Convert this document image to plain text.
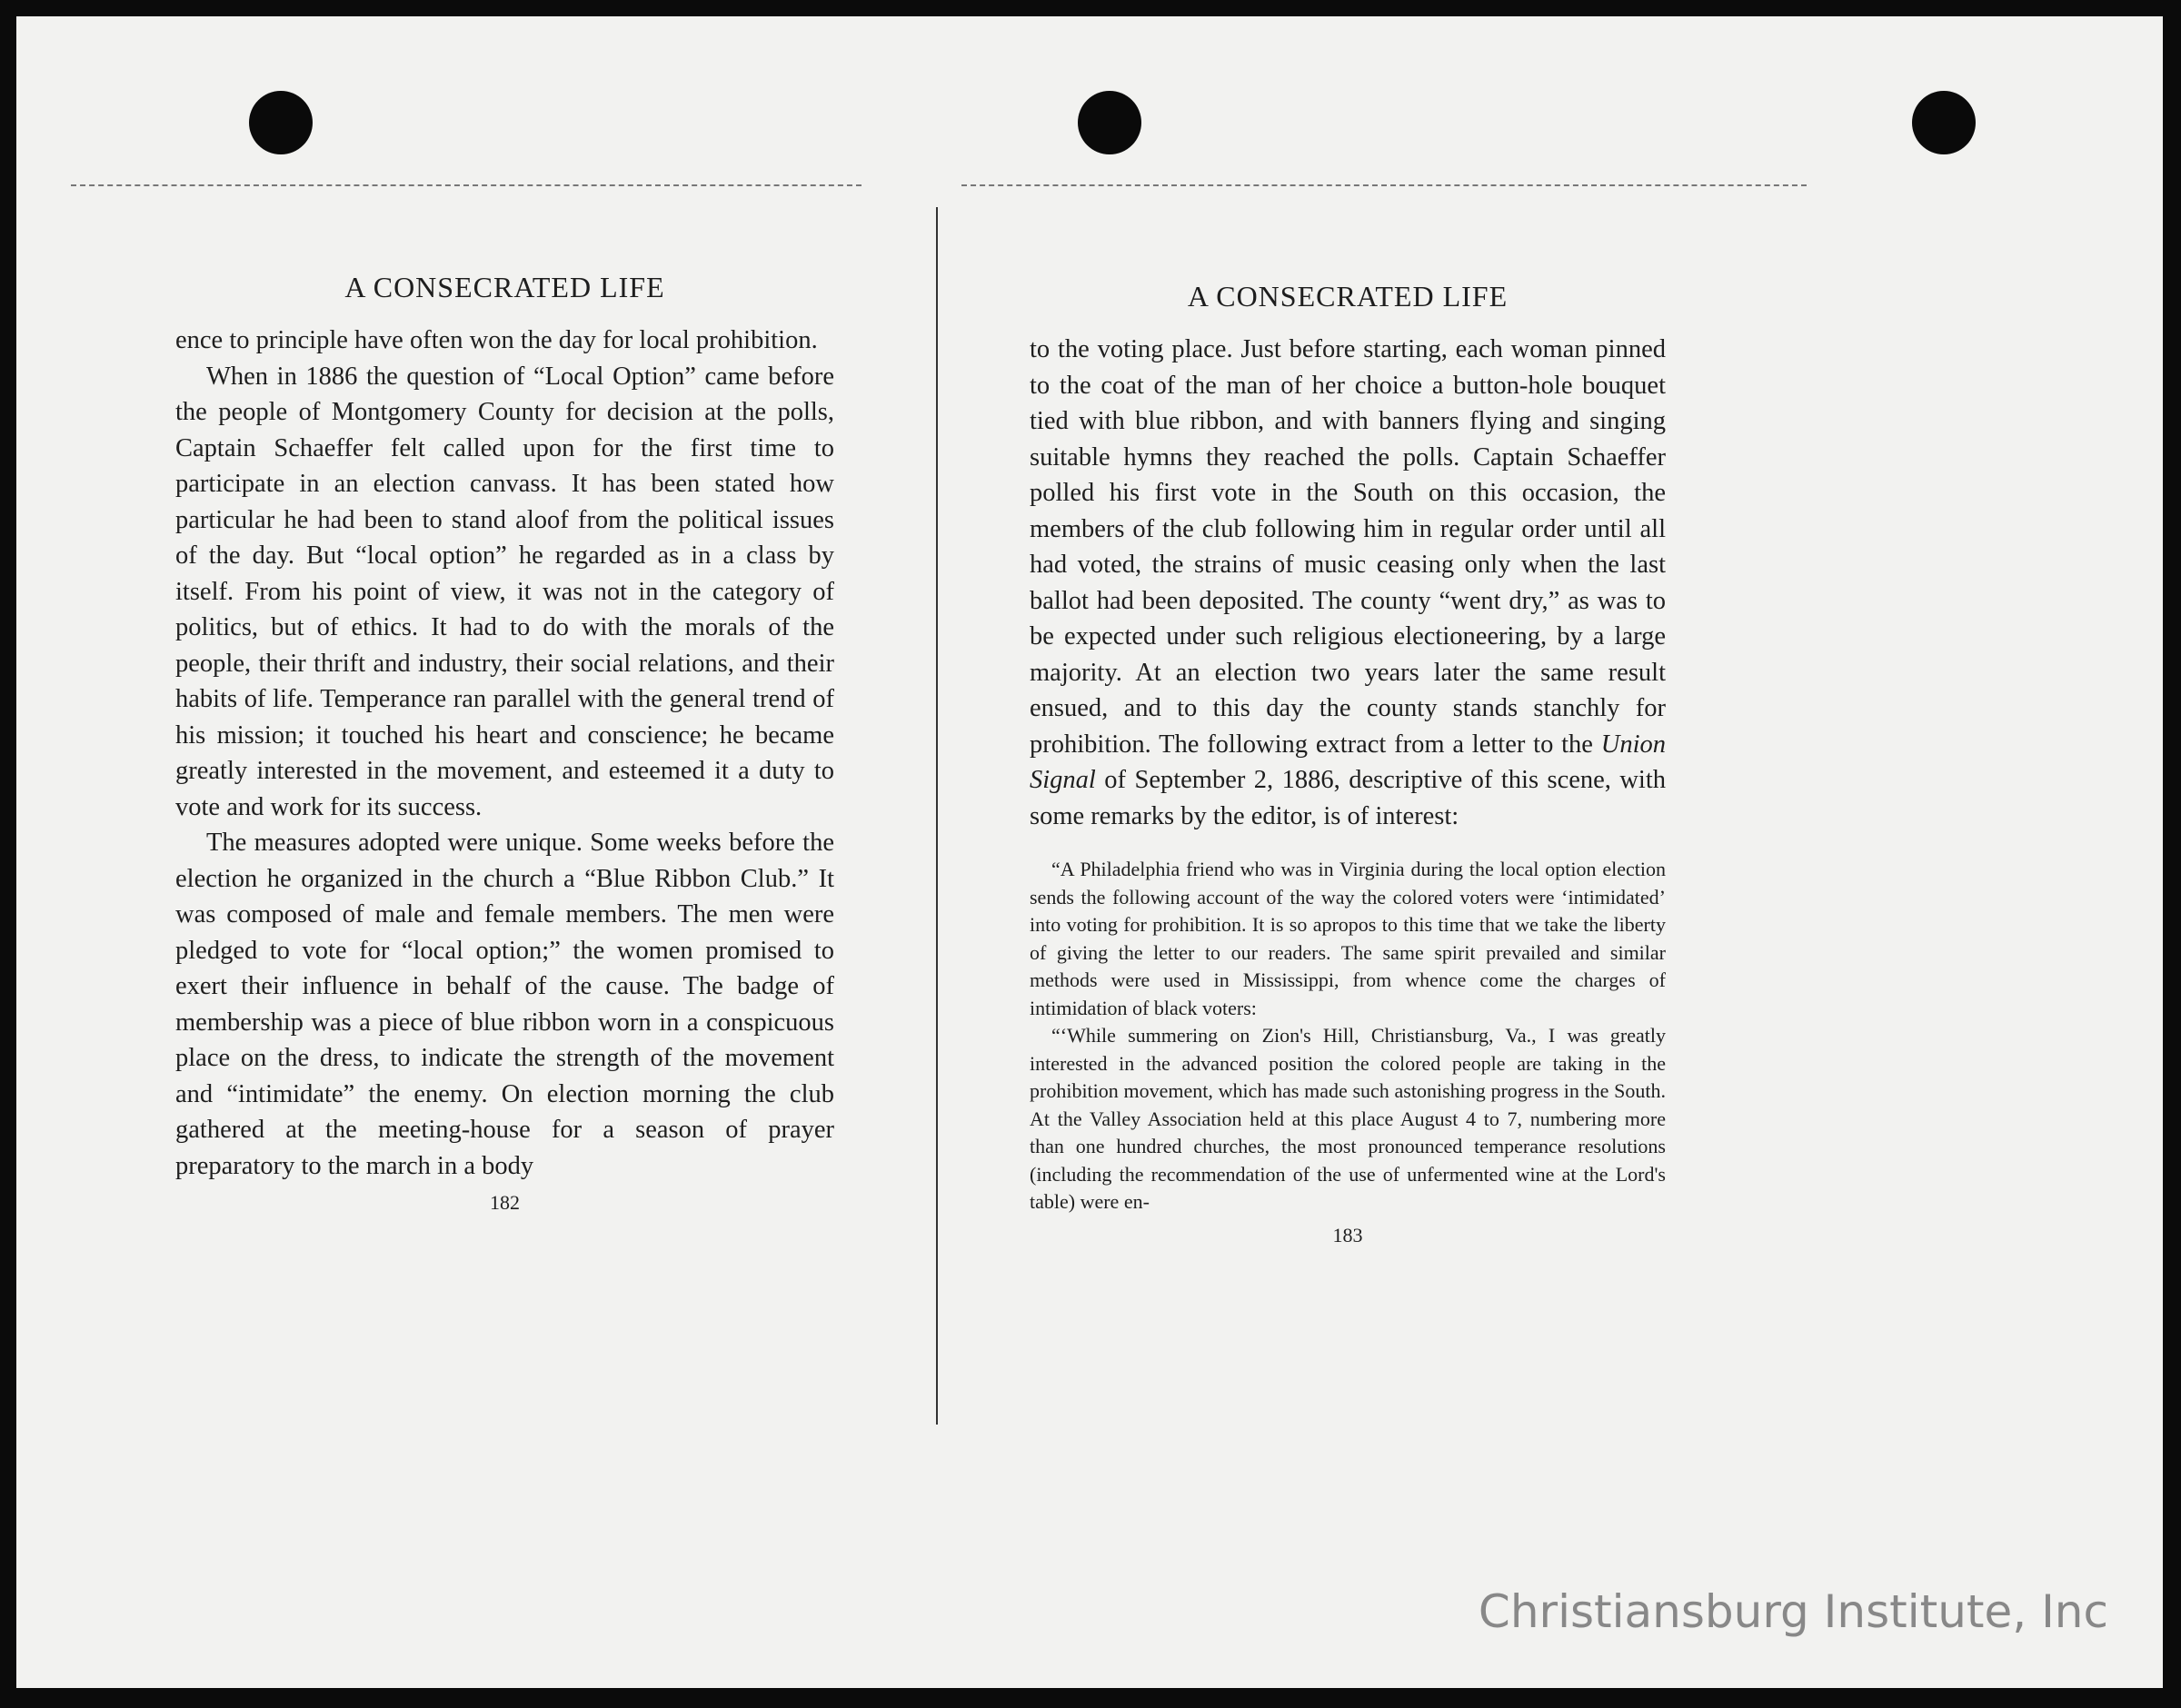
A CONSECRATED LIFE

ence to principle have often won the day for local prohibition.

When in 1886 the question of “Local Option” came before the people of Montgomery County for decision at the polls, Captain Schaeffer felt called upon for the first time to participate in an election canvass. It has been stated how particular he had been to stand aloof from the political issues of the day. But “local option” he regarded as in a class by itself. From his point of view, it was not in the category of politics, but of ethics. It had to do with the morals of the people, their thrift and industry, their social relations, and their habits of life. Temperance ran parallel with the general trend of his mission; it touched his heart and conscience; he became greatly interested in the movement, and esteemed it a duty to vote and work for its success.

The measures adopted were unique. Some weeks before the election he organized in the church a “Blue Ribbon Club.” It was composed of male and female members. The men were pledged to vote for “local option;” the women promised to exert their influence in behalf of the cause. The badge of membership was a piece of blue ribbon worn in a conspicuous place on the dress, to indicate the strength of the movement and “intimidate” the enemy. On election morning the club gathered at the meeting-house for a season of prayer preparatory to the march in a body

182
A CONSECRATED LIFE

to the voting place. Just before starting, each woman pinned to the coat of the man of her choice a button-hole bouquet tied with blue ribbon, and with banners flying and singing suitable hymns they reached the polls. Captain Schaeffer polled his first vote in the South on this occasion, the members of the club following him in regular order until all had voted, the strains of music ceasing only when the last ballot had been deposited. The county “went dry,” as was to be expected under such religious electioneering, by a large majority. At an election two years later the same result ensued, and to this day the county stands stanchly for prohibition. The following extract from a letter to the Union Signal of September 2, 1886, descriptive of this scene, with some remarks by the editor, is of interest:

“A Philadelphia friend who was in Virginia during the local option election sends the following account of the way the colored voters were ‘intimidated’ into voting for prohibition. It is so apropos to this time that we take the liberty of giving the letter to our readers. The same spirit prevailed and similar methods were used in Mississippi, from whence come the charges of intimidation of black voters:

“‘While summering on Zion's Hill, Christiansburg, Va., I was greatly interested in the advanced position the colored people are taking in the prohibition movement, which has made such astonishing progress in the South. At the Valley Association held at this place August 4 to 7, numbering more than one hundred churches, the most pronounced temperance resolutions (including the recommendation of the use of unfermented wine at the Lord's table) were en-

183
Christiansburg Institute, Inc
